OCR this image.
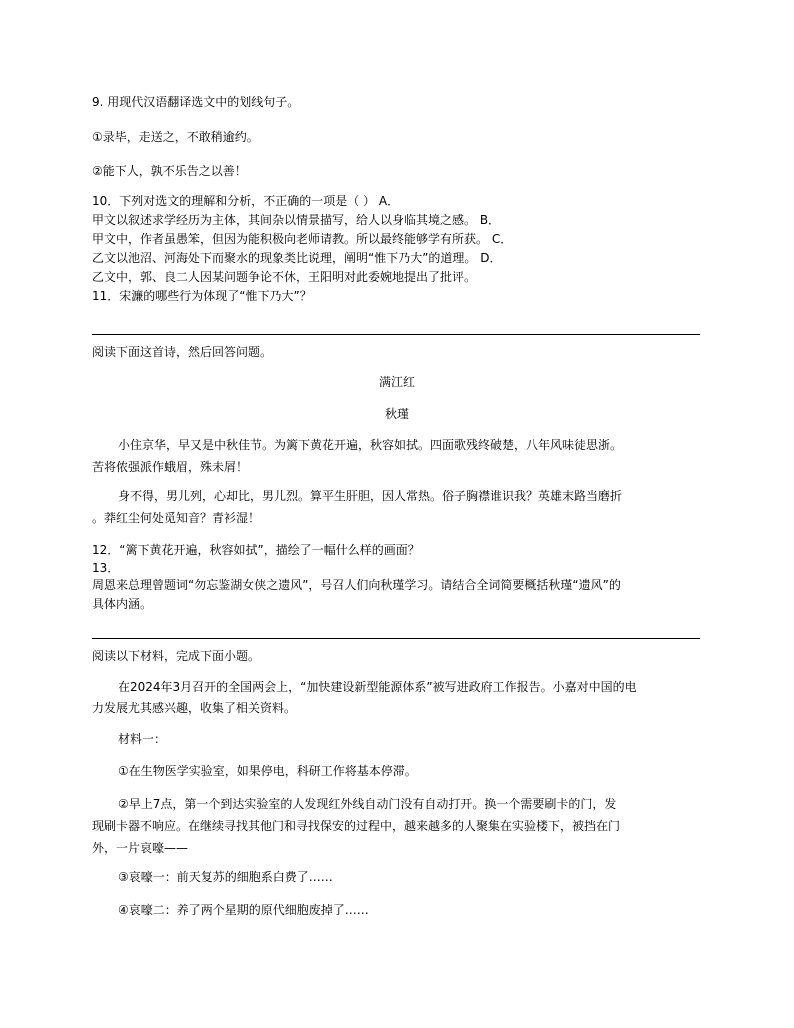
9. 用现代汉语翻译选文中的划线句子。
①录毕，走送之，不敢稍逾约。
②能下人，孰不乐告之以善！
10．下列对选文的理解和分析，不正确的一项是（ ） A．
甲文以叙述求学经历为主体，其间杂以情景描写，给人以身临其境之感。 B．
甲文中，作者虽愚笨，但因为能积极向老师请教。所以最终能够学有所获。 C．
乙文以池沼、河海处下而聚水的现象类比说理，阐明“惟下乃大”的道理。 D．
乙文中，郭、良二人因某问题争论不休，王阳明对此委婉地提出了批评。
11．宋濂的哪些行为体现了“惟下乃大”？
阅读下面这首诗，然后回答问题。
满江红
秋瑾
小住京华，早又是中秋佳节。为篱下黄花开遍，秋容如拭。四面歌残终破楚，八年风味徒思浙。
苦将侬强派作蛾眉，殊未屑！
身不得，男儿列，心却比，男儿烈。算平生肝胆，因人常热。俗子胸襟谁识我？英雄末路当磨折
。莽红尘何处觅知音？青衫湿！
12．“篱下黄花开遍，秋容如拭”，描绘了一幅什么样的画面？
13．
周恩来总理曾题词“勿忘鉴湖女侠之遗风”，号召人们向秋瑾学习。请结合全词简要概括秋瑾“遗风”的
具体内涵。
阅读以下材料，完成下面小题。
在2024年3月召开的全国两会上，“加快建设新型能源体系”被写进政府工作报告。小嘉对中国的电
力发展尤其感兴趣，收集了相关资料。
材料一：
①在生物医学实验室，如果停电，科研工作将基本停滞。
②早上7点，第一个到达实验室的人发现红外线自动门没有自动打开。换一个需要刷卡的门，发
现刷卡器不响应。在继续寻找其他门和寻找保安的过程中，越来越多的人聚集在实验楼下，被挡在门
外，一片哀嚎——
③哀嚎一：前天复苏的细胞系白费了……
④哀嚎二：养了两个星期的原代细胞废掉了……
